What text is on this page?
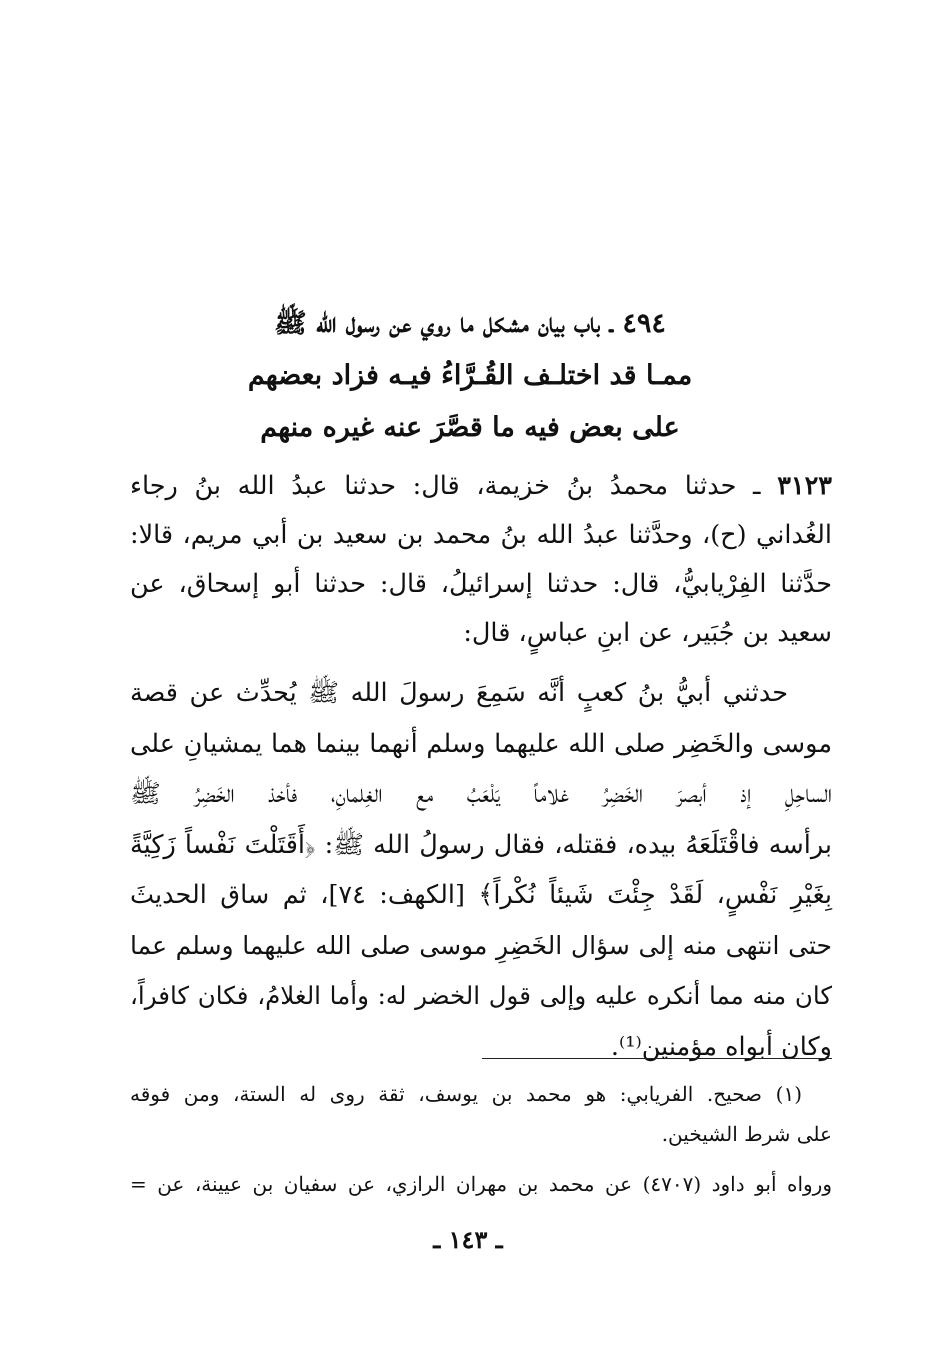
٤٩٤ ـ باب بيان مشكل ما روي عن رسول الله ﷺ
ممـا قد اختلـف القُـرَّاءُ فيـه فزاد بعضهم
على بعض فيه ما قصَّرَ عنه غيره منهم
٣١٢٣ ـ حدثنا محمدُ بنُ خزيمة، قال: حدثنا عبدُ الله بنُ رجاء
الغُداني (ح)، وحدَّثنا عبدُ الله بنُ محمد بن سعيد بن أبي مريم، قالا:
حدَّثنا الفِرْيابيُّ، قال: حدثنا إسرائيلُ، قال: حدثنا أبو إسحاق، عن
سعيد بن جُبَير، عن ابنِ عباسٍ، قال:
حدثني أبيُّ بنُ كعبٍ أنَّه سَمِعَ رسولَ الله ﷺ يُحدِّث عن قصة
موسى والخَضِر صلى الله عليهما وسلم أنهما بينما هما يمشيانِ على
الساحِلِ إذ أبصرَ الخَضِرُ غلاماً يَلْعَبُ مع الغِلمانِ، فأخذ الخَضِرُ ﷺ
برأسه فاقْتَلَعَهُ بيده، فقتله، فقال رسولُ الله ﷺ: ﴿أَقَتَلْتَ نَفْساً زَكِيَّةً
بِغَيْرِ نَفْسٍ، لَقَدْ جِئْتَ شَيئاً نُكْراً﴾ [الكهف: ٧٤]، ثم ساق الحديثَ
حتى انتهى منه إلى سؤال الخَضِرِ موسى صلى الله عليهما وسلم عما
كان منه مما أنكره عليه وإلى قول الخضر له: وأما الغلامُ، فكان كافراً،
وكان أبواه مؤمنين⁽¹⁾.
(١) صحيح. الفريابي: هو محمد بن يوسف، ثقة روى له الستة، ومن فوقه
على شرط الشيخين.
ورواه أبو داود (٤٧٠٧) عن محمد بن مهران الرازي، عن سفيان بن عيينة، عن =
ـ ١٤٣ ـ
